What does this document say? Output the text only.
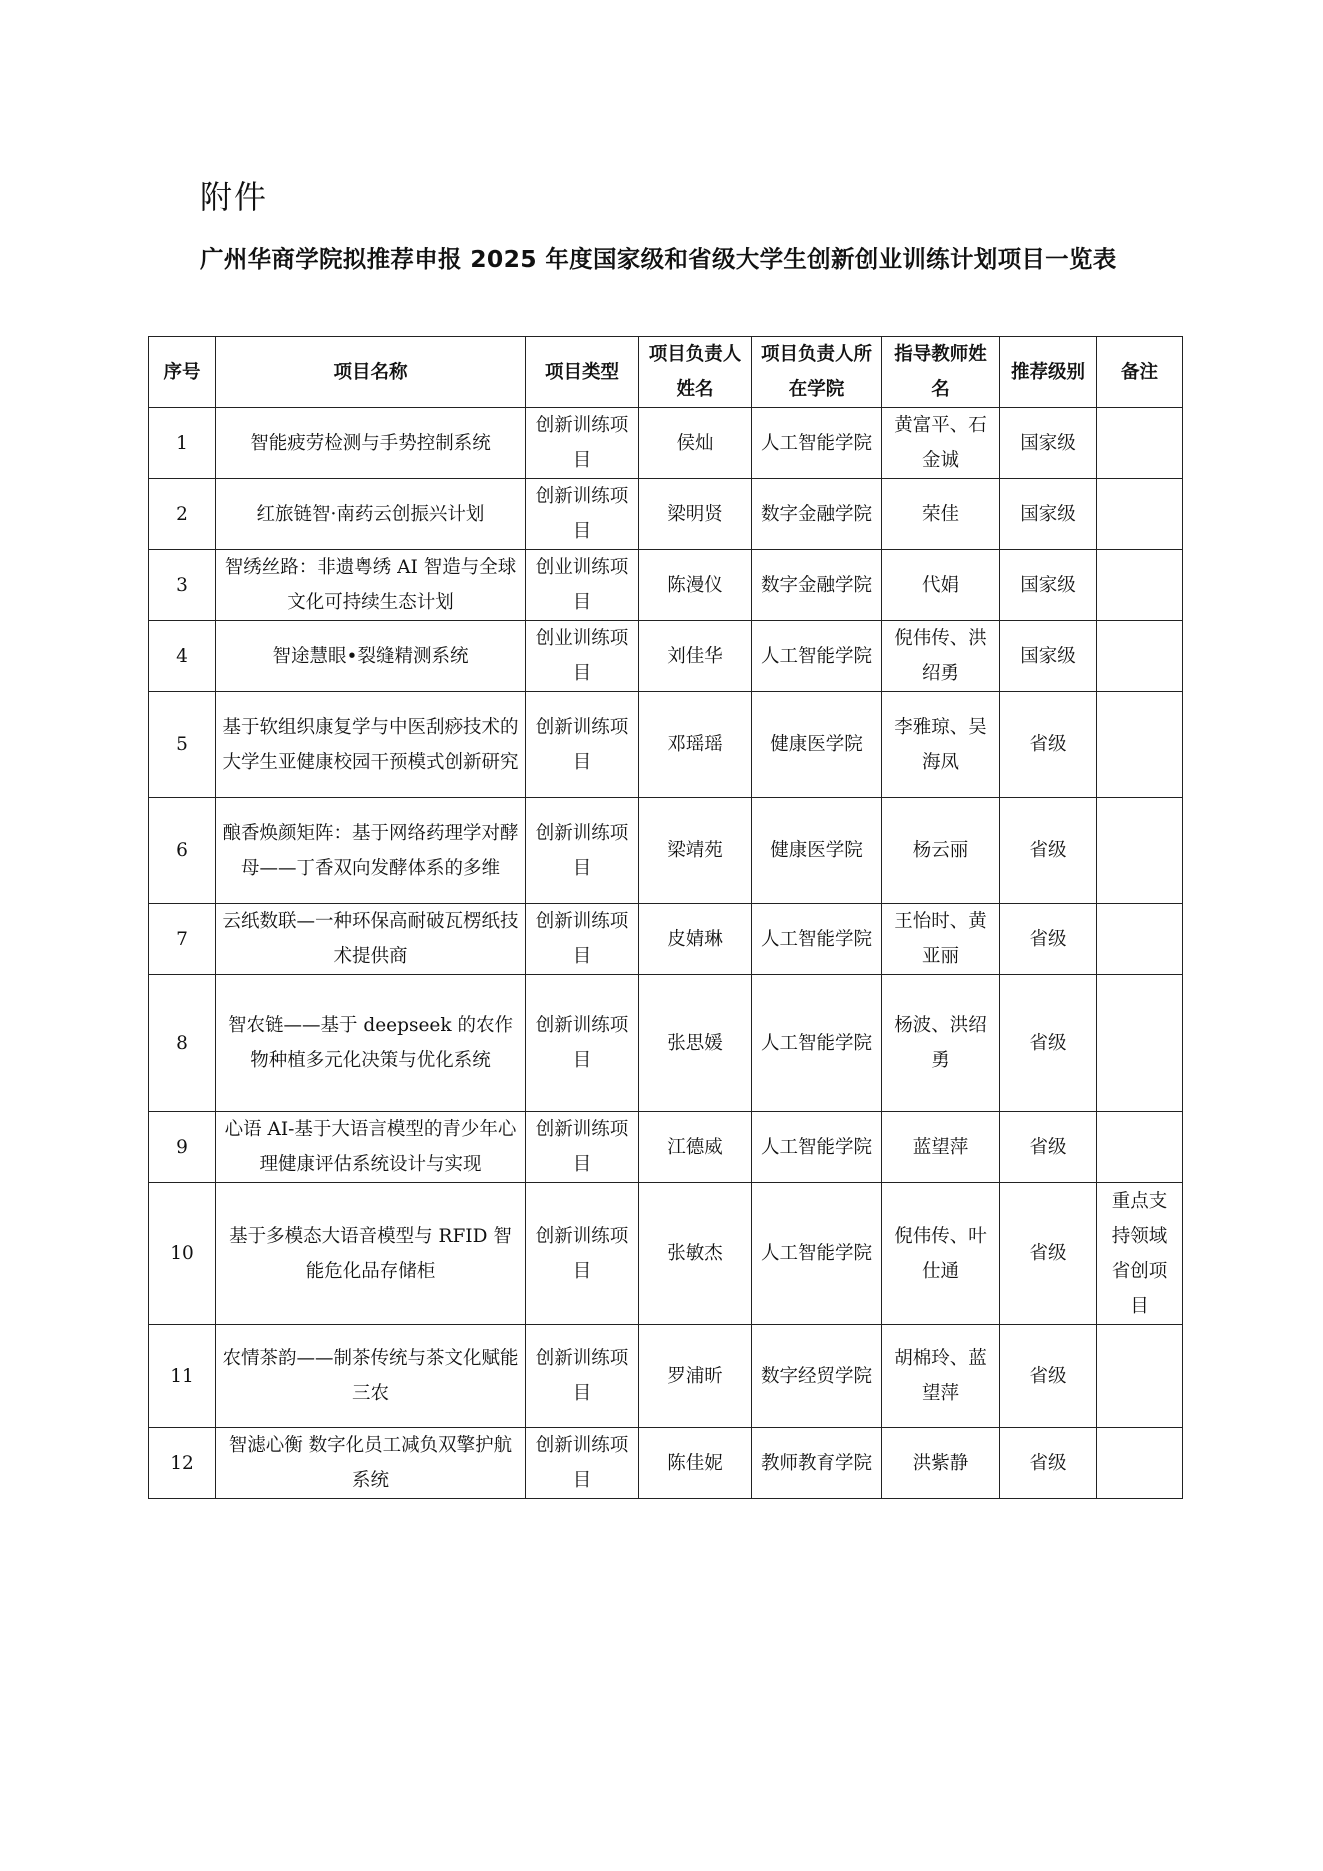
附件
广州华商学院拟推荐申报 2025 年度国家级和省级大学生创新创业训练计划项目一览表
序号	项目名称	项目类型	项目负责人姓名	项目负责人所在学院	指导教师姓名	推荐级别	备注
1	智能疲劳检测与手势控制系统	创新训练项目	侯灿	人工智能学院	黄富平、石金诚	国家级	
2	红旅链智·南药云创振兴计划	创新训练项目	梁明贤	数字金融学院	荣佳	国家级	
3	智绣丝路：非遗粤绣 AI 智造与全球文化可持续生态计划	创业训练项目	陈漫仪	数字金融学院	代娟	国家级	
4	智途慧眼•裂缝精测系统	创业训练项目	刘佳华	人工智能学院	倪伟传、洪绍勇	国家级	
5	基于软组织康复学与中医刮痧技术的大学生亚健康校园干预模式创新研究	创新训练项目	邓瑶瑶	健康医学院	李雅琼、吴海凤	省级	
6	酿香焕颜矩阵：基于网络药理学对酵母——丁香双向发酵体系的多维	创新训练项目	梁靖苑	健康医学院	杨云丽	省级	
7	云纸数联—一种环保高耐破瓦楞纸技术提供商	创新训练项目	皮婧琳	人工智能学院	王怡时、黄亚丽	省级	
8	智农链——基于 deepseek 的农作物种植多元化决策与优化系统	创新训练项目	张思媛	人工智能学院	杨波、洪绍勇	省级	
9	心语 AI-基于大语言模型的青少年心理健康评估系统设计与实现	创新训练项目	江德威	人工智能学院	蓝望萍	省级	
10	基于多模态大语音模型与 RFID 智能危化品存储柜	创新训练项目	张敏杰	人工智能学院	倪伟传、叶仕通	省级	重点支持领域省创项目
11	农情茶韵——制茶传统与茶文化赋能三农	创新训练项目	罗浦昕	数字经贸学院	胡棉玲、蓝望萍	省级	
12	智滤心衡 数字化员工减负双擎护航系统	创新训练项目	陈佳妮	教师教育学院	洪紫静	省级	
